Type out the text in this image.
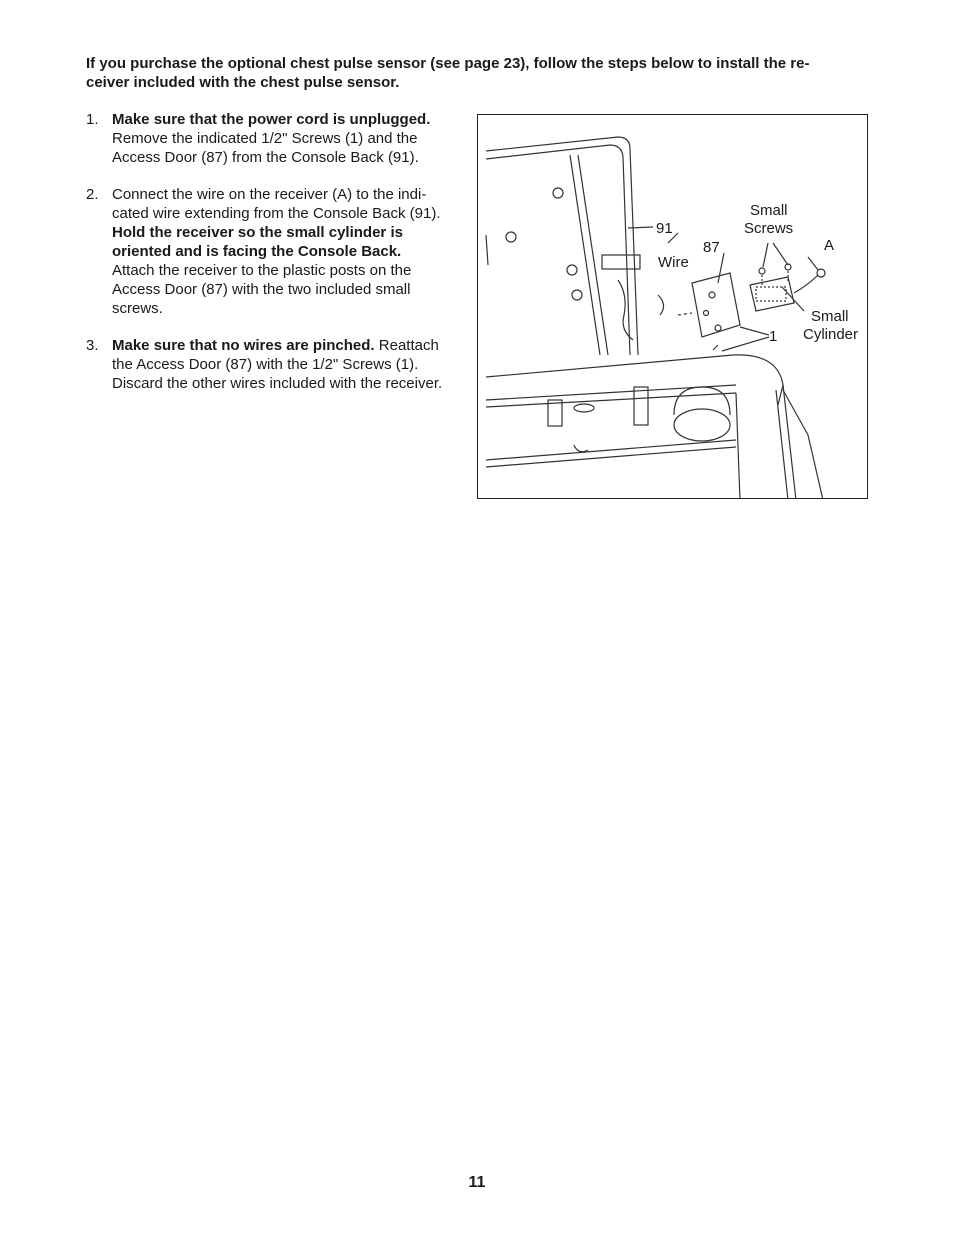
If you purchase the optional chest pulse sensor (see page 23), follow the steps below to install the re-ceiver included with the chest pulse sensor.
1. Make sure that the power cord is unplugged. Remove the indicated 1/2" Screws (1) and the Access Door (87) from the Console Back (91).
2. Connect the wire on the receiver (A) to the indi-cated wire extending from the Console Back (91). Hold the receiver so the small cylinder is oriented and is facing the Console Back. Attach the receiver to the plastic posts on the Access Door (87) with the two included small screws.
3. Make sure that no wires are pinched. Reattach the Access Door (87) with the 1/2" Screws (1). Discard the other wires included with the receiver.
91
Wire
87
Small
Screws
A
Small
Cylinder
1
11
